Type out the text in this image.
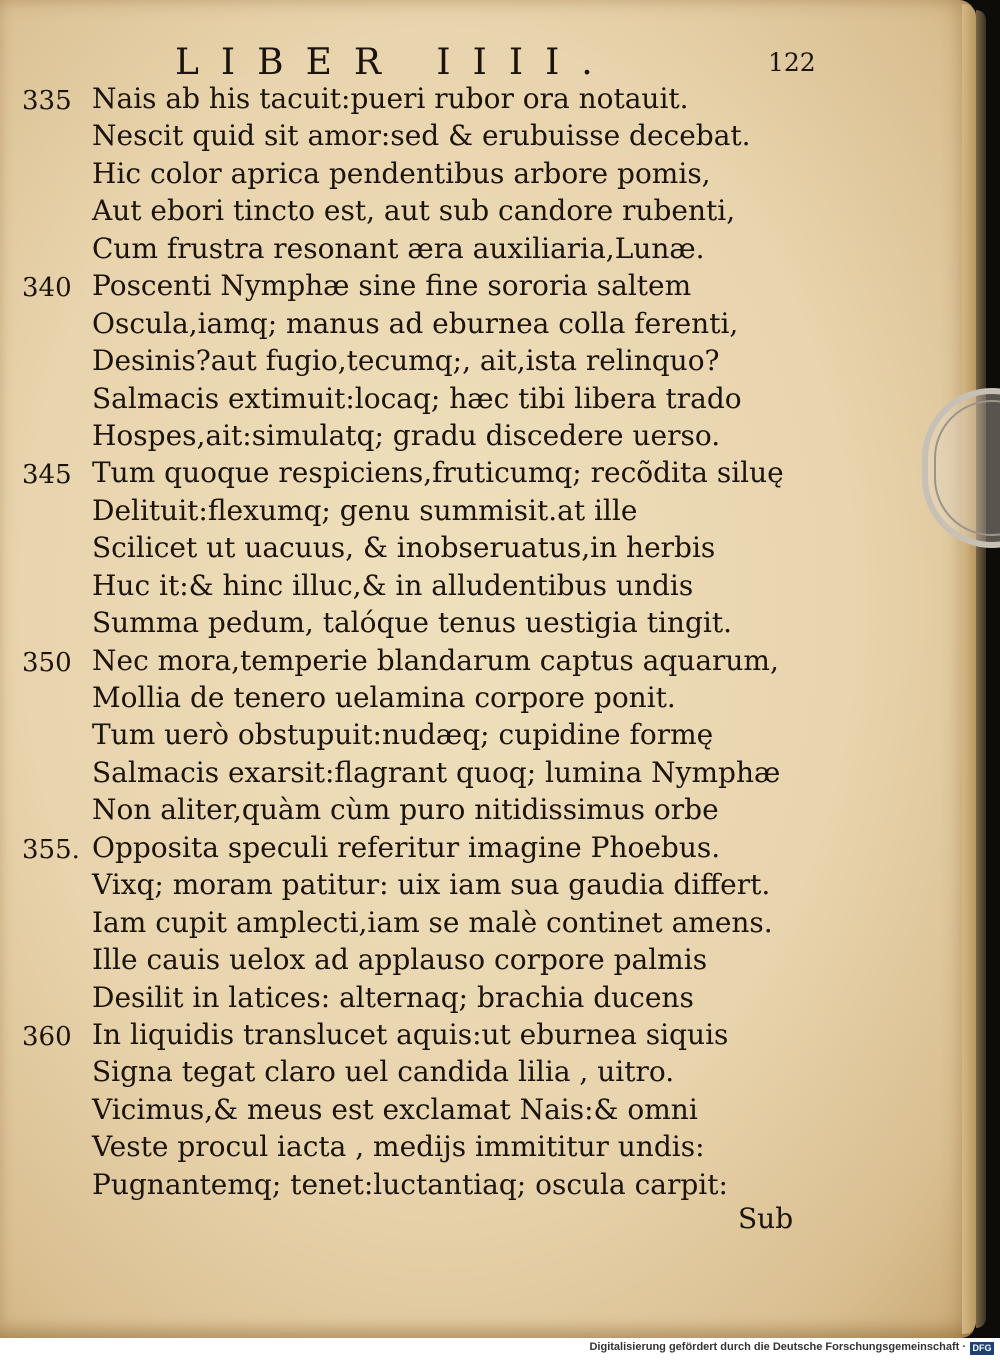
LIBER IIII.	122
335 Nais ab his tacuit:pueri rubor ora notauit.
Nescit quid sit amor:sed & erubuisse decebat.
Hic color aprica pendentibus arbore pomis,
Aut ebori tincto est, aut sub candore rubenti,
Cum frustra resonant æra auxiliaria,Lunæ.
340 Poscenti Nymphæ sine fine sororia saltem
Oscula,iamq; manus ad eburnea colla ferenti,
Desinis?aut fugio,tecumq;, ait,ista relinquo?
Salmacis extimuit:locaq; hæc tibi libera trado
Hospes,ait:simulatq; gradu discedere uerso.
345 Tum quoque respiciens,fruticumq; recõdita siluę
Delituit:flexumq; genu summisit.at ille
Scilicet ut uacuus, & inobseruatus,in herbis
Huc it:& hinc illuc,& in alludentibus undis
Summa pedum, talóque tenus uestigia tingit.
350 Nec mora,temperie blandarum captus aquarum,
Mollia de tenero uelamina corpore ponit.
Tum uerò obstupuit:nudæq; cupidine formę
Salmacis exarsit:flagrant quoq; lumina Nymphæ
Non aliter,quàm cùm puro nitidissimus orbe
355. Opposita speculi referitur imagine Phoebus.
Vixq; moram patitur: uix iam sua gaudia differt.
Iam cupit amplecti,iam se malè continet amens.
Ille cauis uelox ad applauso corpore palmis
Desilit in latices: alternaq; brachia ducens
360 In liquidis translucet aquis:ut eburnea siquis
Signa tegat claro uel candida lilia , uitro.
Vicimus,& meus est exclamat Nais:& omni
Veste procul iacta , medijs immititur undis:
Pugnantemq; tenet:luctantiaq; oscula carpit:
Sub
Digitalisierung gefördert durch die Deutsche Forschungsgemeinschaft · DFG
